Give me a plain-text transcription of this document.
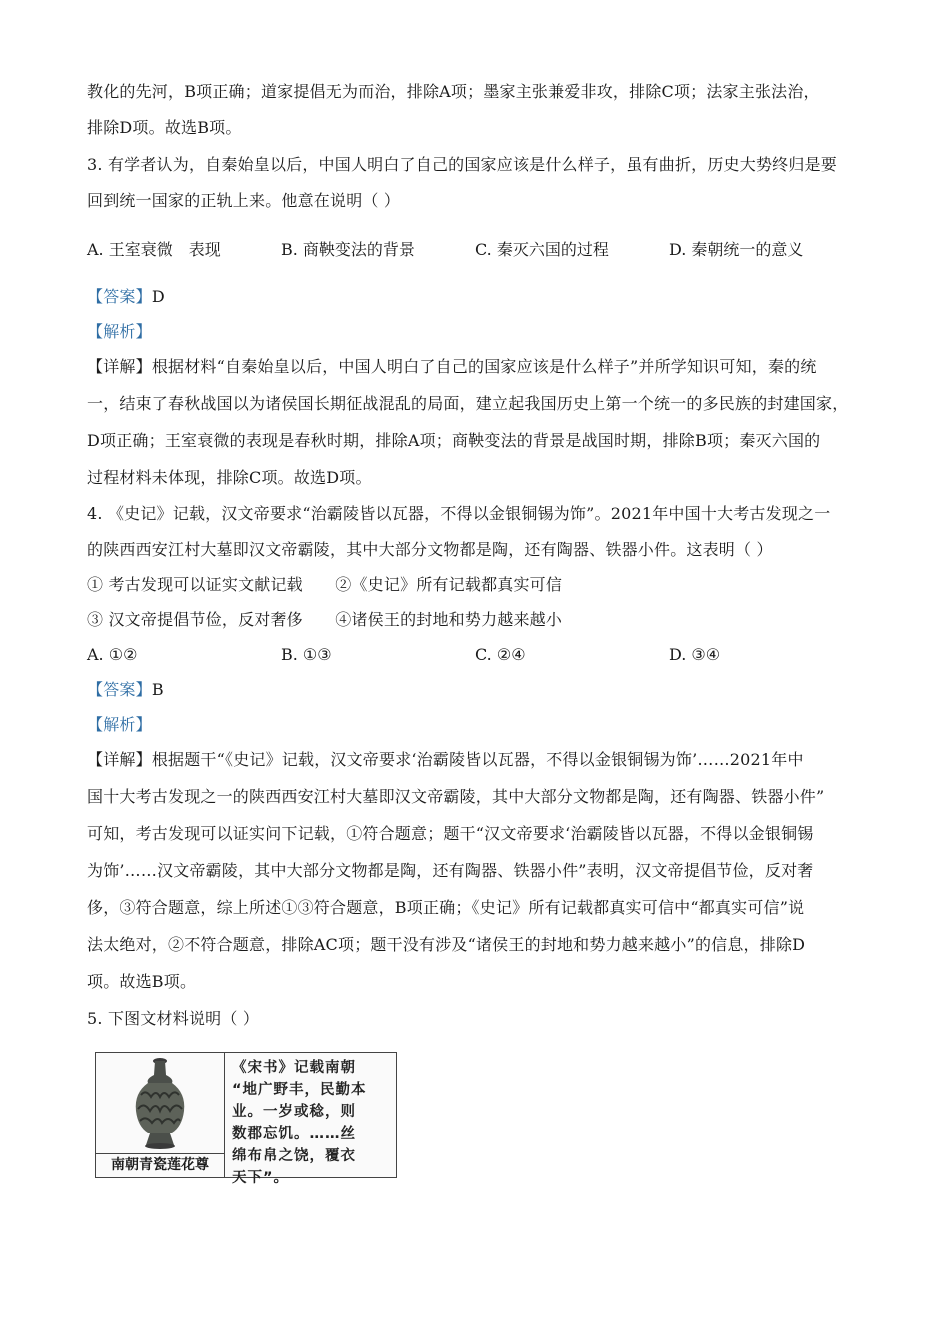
教化的先河，B项正确；道家提倡无为而治，排除A项；墨家主张兼爱非攻，排除C项；法家主张法治，
排除D项。故选B项。
3. 有学者认为，自秦始皇以后，中国人明白了自己的国家应该是什么样子，虽有曲折，历史大势终归是要
回到统一国家的正轨上来。他意在说明（ ）
A. 王室衰微　表现	B. 商鞅变法的背景	C. 秦灭六国的过程	D. 秦朝统一的意义
【答案】D
【解析】
【详解】根据材料“自秦始皇以后，中国人明白了自己的国家应该是什么样子”并所学知识可知，秦的统
一，结束了春秋战国以为诸侯国长期征战混乱的局面，建立起我国历史上第一个统一的多民族的封建国家，
D项正确；王室衰微的表现是春秋时期，排除A项；商鞅变法的背景是战国时期，排除B项；秦灭六国的
过程材料未体现，排除C项。故选D项。
4. 《史记》记载，汉文帝要求“治霸陵皆以瓦器，不得以金银铜锡为饰”。2021年中国十大考古发现之一
的陕西西安江村大墓即汉文帝霸陵，其中大部分文物都是陶，还有陶器、铁器小件。这表明（ ）
① 考古发现可以证实文献记载　　②《史记》所有记载都真实可信
③ 汉文帝提倡节俭，反对奢侈　　④诸侯王的封地和势力越来越小
A. ①②	B. ①③	C. ②④	D. ③④
【答案】B
【解析】
【详解】根据题干“《史记》记载，汉文帝要求‘治霸陵皆以瓦器，不得以金银铜锡为饰’……2021年中
国十大考古发现之一的陕西西安江村大墓即汉文帝霸陵，其中大部分文物都是陶，还有陶器、铁器小件”
可知，考古发现可以证实问下记载，①符合题意；题干“汉文帝要求‘治霸陵皆以瓦器，不得以金银铜锡
为饰’……汉文帝霸陵，其中大部分文物都是陶，还有陶器、铁器小件”表明，汉文帝提倡节俭，反对奢
侈，③符合题意，综上所述①③符合题意，B项正确；《史记》所有记载都真实可信中“都真实可信”说
法太绝对，②不符合题意，排除AC项；题干没有涉及“诸侯王的封地和势力越来越小”的信息，排除D
项。故选B项。
5. 下图文材料说明（ ）
南朝青瓷莲花尊
《宋书》记载南朝
“地广野丰，民勤本
业。一岁或稔，则
数郡忘饥。……丝
绵布帛之饶，覆衣
天下”。
